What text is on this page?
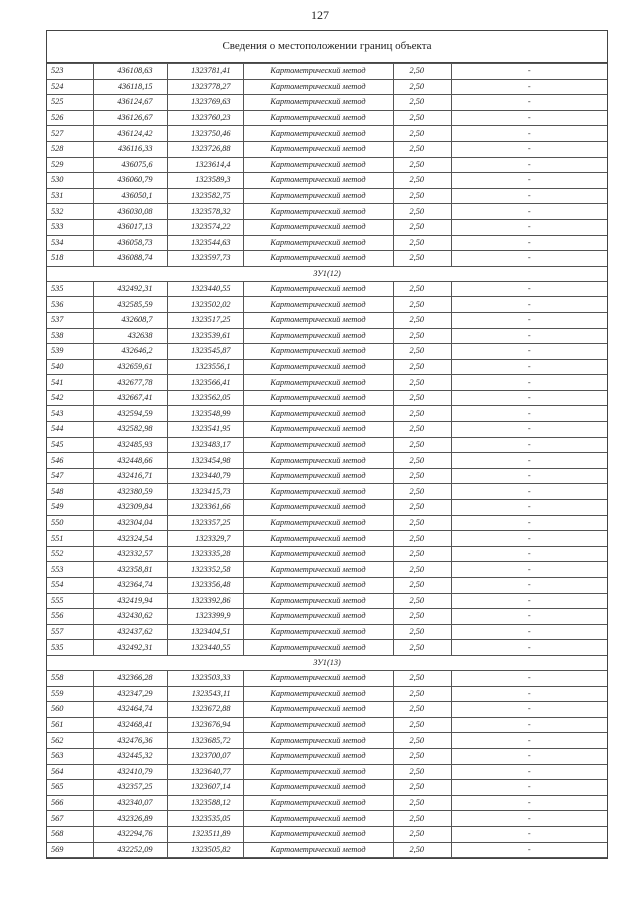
127
Сведения о местоположении границ объекта
523	436108,63	1323781,41	Картометрический метод	2,50	-
524	436118,15	1323778,27	Картометрический метод	2,50	-
525	436124,67	1323769,63	Картометрический метод	2,50	-
526	436126,67	1323760,23	Картометрический метод	2,50	-
527	436124,42	1323750,46	Картометрический метод	2,50	-
528	436116,33	1323726,88	Картометрический метод	2,50	-
529	436075,6	1323614,4	Картометрический метод	2,50	-
530	436060,79	1323589,3	Картометрический метод	2,50	-
531	436050,1	1323582,75	Картометрический метод	2,50	-
532	436030,08	1323578,32	Картометрический метод	2,50	-
533	436017,13	1323574,22	Картометрический метод	2,50	-
534	436058,73	1323544,63	Картометрический метод	2,50	-
518	436088,74	1323597,73	Картометрический метод	2,50	-
ЗУ1(12)					
535	432492,31	1323440,55	Картометрический метод	2,50	-
536	432585,59	1323502,02	Картометрический метод	2,50	-
537	432608,7	1323517,25	Картометрический метод	2,50	-
538	432638	1323539,61	Картометрический метод	2,50	-
539	432646,2	1323545,87	Картометрический метод	2,50	-
540	432659,61	1323556,1	Картометрический метод	2,50	-
541	432677,78	1323566,41	Картометрический метод	2,50	-
542	432667,41	1323562,05	Картометрический метод	2,50	-
543	432594,59	1323548,99	Картометрический метод	2,50	-
544	432582,98	1323541,95	Картометрический метод	2,50	-
545	432485,93	1323483,17	Картометрический метод	2,50	-
546	432448,66	1323454,98	Картометрический метод	2,50	-
547	432416,71	1323440,79	Картометрический метод	2,50	-
548	432380,59	1323415,73	Картометрический метод	2,50	-
549	432309,84	1323361,66	Картометрический метод	2,50	-
550	432304,04	1323357,25	Картометрический метод	2,50	-
551	432324,54	1323329,7	Картометрический метод	2,50	-
552	432332,57	1323335,28	Картометрический метод	2,50	-
553	432358,81	1323352,58	Картометрический метод	2,50	-
554	432364,74	1323356,48	Картометрический метод	2,50	-
555	432419,94	1323392,86	Картометрический метод	2,50	-
556	432430,62	1323399,9	Картометрический метод	2,50	-
557	432437,62	1323404,51	Картометрический метод	2,50	-
535	432492,31	1323440,55	Картометрический метод	2,50	-
ЗУ1(13)					
558	432366,28	1323503,33	Картометрический метод	2,50	-
559	432347,29	1323543,11	Картометрический метод	2,50	-
560	432464,74	1323672,88	Картометрический метод	2,50	-
561	432468,41	1323676,94	Картометрический метод	2,50	-
562	432476,36	1323685,72	Картометрический метод	2,50	-
563	432445,32	1323700,07	Картометрический метод	2,50	-
564	432410,79	1323640,77	Картометрический метод	2,50	-
565	432357,25	1323607,14	Картометрический метод	2,50	-
566	432340,07	1323588,12	Картометрический метод	2,50	-
567	432326,89	1323535,05	Картометрический метод	2,50	-
568	432294,76	1323511,89	Картометрический метод	2,50	-
569	432252,09	1323505,82	Картометрический метод	2,50	-
